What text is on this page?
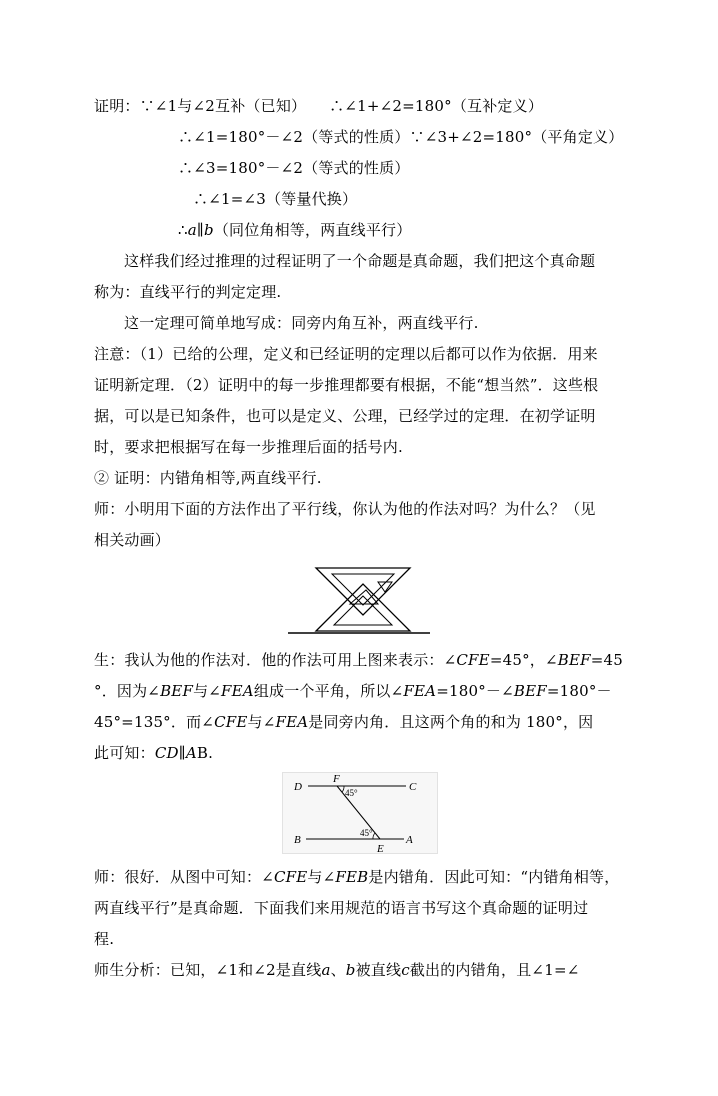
证明：∵∠1与∠2互补（已知）　　∴∠1+∠2=180°（互补定义）
∴∠1=180°－∠2（等式的性质）∵∠3+∠2=180°（平角定义）
∴∠3=180°－∠2（等式的性质）
∴∠1=∠3（等量代换）
∴a∥b（同位角相等，两直线平行）
这样我们经过推理的过程证明了一个命题是真命题，我们把这个真命题
称为：直线平行的判定定理.
这一定理可简单地写成：同旁内角互补，两直线平行.
注意：（1）已给的公理，定义和已经证明的定理以后都可以作为依据．用来
证明新定理．（2）证明中的每一步推理都要有根据，不能“想当然”．这些根
据，可以是已知条件，也可以是定义、公理，已经学过的定理．在初学证明
时，要求把根据写在每一步推理后面的括号内.
② 证明：内错角相等,两直线平行.
师：小明用下面的方法作出了平行线，你认为他的作法对吗？为什么？（见
相关动画）
生：我认为他的作法对．他的作法可用上图来表示：∠CFE=45°，∠BEF=45
°．因为∠BEF与∠FEA组成一个平角，所以∠FEA=180°－∠BEF=180°－
45°=135°．而∠CFE与∠FEA是同旁内角．且这两个角的和为 180°，因
此可知：CD∥AB.
D
F
C
B
E
A
45°
45°
师：很好．从图中可知：∠CFE与∠FEB是内错角．因此可知：“内错角相等，
两直线平行”是真命题．下面我们来用规范的语言书写这个真命题的证明过
程.
师生分析：已知，∠1和∠2是直线a、b被直线c截出的内错角，且∠1=∠
